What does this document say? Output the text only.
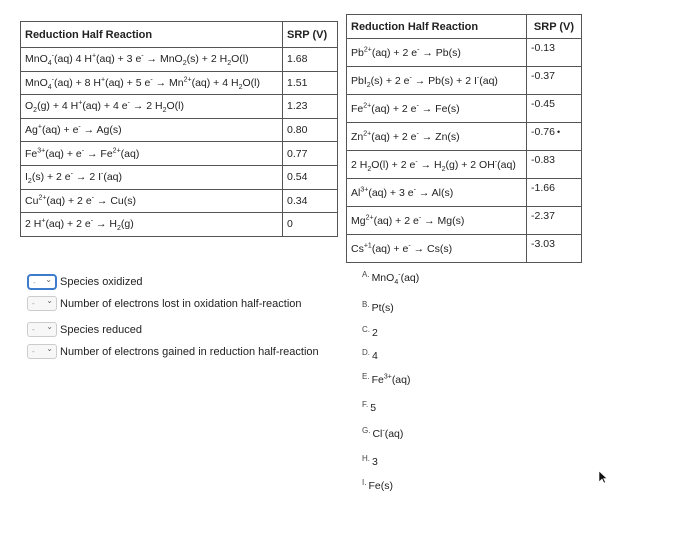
Reduction Half Reaction	SRP (V)
MnO$_4$-(aq) 4 H+(aq) + 3 e- → MnO$_2$(s) + 2 $H_2O(l)$	1.68
MnO$_4$-(aq) + 8 H+(aq) + 5 $e^- \to Mn^{2+}(aq) + 4$ $H_2O(l)$	1.51
$O_2(g) + 4$ H+(aq) + 4 e- → 2 $H_2O(l)$	1.23
Ag+(aq) + e- → Ag(s)	0.80
$Fe^{3+}(aq) + e^- \to Fe^{2+}(aq)$	0.77
$I_2(s) + 2$ e- → 2 I-(aq)	0.54
$Cu^{2+}(aq) + 2$ e- → Cu(s)	0.34
2 H+(aq) + 2 $e^- \to H_2(g)$	0
Reduction Half Reaction	SRP (V)
$Pb^{2+}(aq) + 2$ e- → Pb(s)	-0.13
PbI$_2$(s) + 2 e- → Pb(s) + 2 I-(aq)	-0.37
$Fe^{2+}(aq) + 2$ e- → Fe(s)	-0.45
$Zn^{2+}(aq) + 2$ e- → Zn(s)	-0.76 •
2 $H_2O(l) + 2$ $e^- \to H_2(g) + 2$ OH-(aq)	-0.83
$Al^{3+}(aq) + 3$ e- → Al(s)	-1.66
$Mg^{2+}(aq) + 2$ e- → Mg(s)	-2.37
$Cs^{+1}(aq) + e^- \to Cs(s)$	-3.03
- ⌄ Species oxidized
- ⌄ Number of electrons lost in oxidation half-reaction
- ⌄ Species reduced
- ⌄ Number of electrons gained in reduction half-reaction
$^{A.}$ MnO$_4$-(aq)
$^{B.}$ Pt(s)
$^{C.}$ 2
$^{D.}$ 4
$^{E.}$ $Fe^{3+}(aq)$
$^{F.}$ 5
$^{G.}$ Cl-(aq)
$^{H.}$ 3
$^{I.}$ Fe(s)
